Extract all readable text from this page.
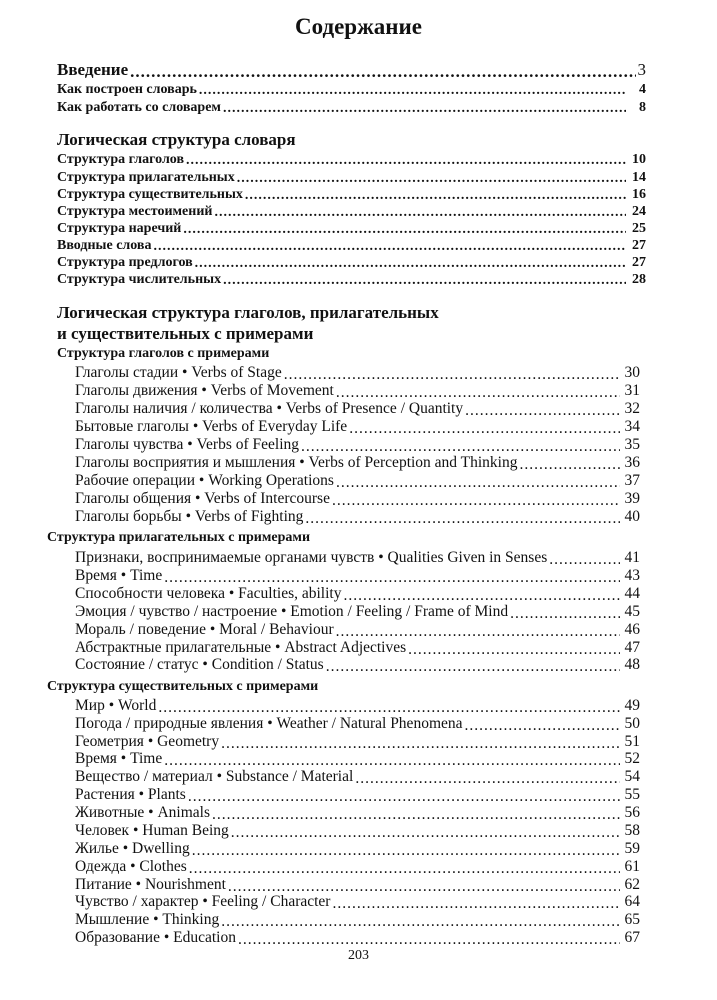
Содержание
Введение .....	3
Как построен словарь .....	4
Как работать со словарем .....	8
Логическая структура словаря
Структура глаголов .....	10
Структура прилагательных .....	14
Структура существительных .....	16
Структура местоимений .....	24
Структура наречий .....	25
Вводные слова .....	27
Структура предлогов .....	27
Структура числительных .....	28
Логическая структура глаголов, прилагательных
и существительных с примерами
Структура глаголов с примерами
Глаголы стадии • Verbs of Stage .....	30
Глаголы движения • Verbs of Movement .....	31
Глаголы наличия / количества • Verbs of Presence / Quantity .....	32
Бытовые глаголы • Verbs of Everyday Life .....	34
Глаголы чувства • Verbs of Feeling .....	35
Глаголы восприятия и мышления • Verbs of Perception and Thinking .....	36
Рабочие операции • Working Operations .....	37
Глаголы общения • Verbs of Intercourse .....	39
Глаголы борьбы • Verbs of Fighting .....	40
Структура прилагательных с примерами
Признаки, воспринимаемые органами чувств • Qualities Given in Senses .....	41
Время • Time .....	43
Способности человека • Faculties, ability .....	44
Эмоция / чувство / настроение • Emotion / Feeling / Frame of Mind .....	45
Мораль / поведение • Moral / Behaviour .....	46
Абстрактные прилагательные • Abstract Adjectives .....	47
Состояние / статус • Condition / Status .....	48
Структура существительных с примерами
Мир • World .....	49
Погода / природные явления • Weather / Natural Phenomena .....	50
Геометрия • Geometry .....	51
Время • Time .....	52
Вещество / материал • Substance / Material .....	54
Растения • Plants .....	55
Животные • Animals .....	56
Человек • Human Being .....	58
Жилье • Dwelling .....	59
Одежда • Clothes .....	61
Питание • Nourishment .....	62
Чувство / характер • Feeling / Character .....	64
Мышление • Thinking .....	65
Образование • Education .....	67
203
